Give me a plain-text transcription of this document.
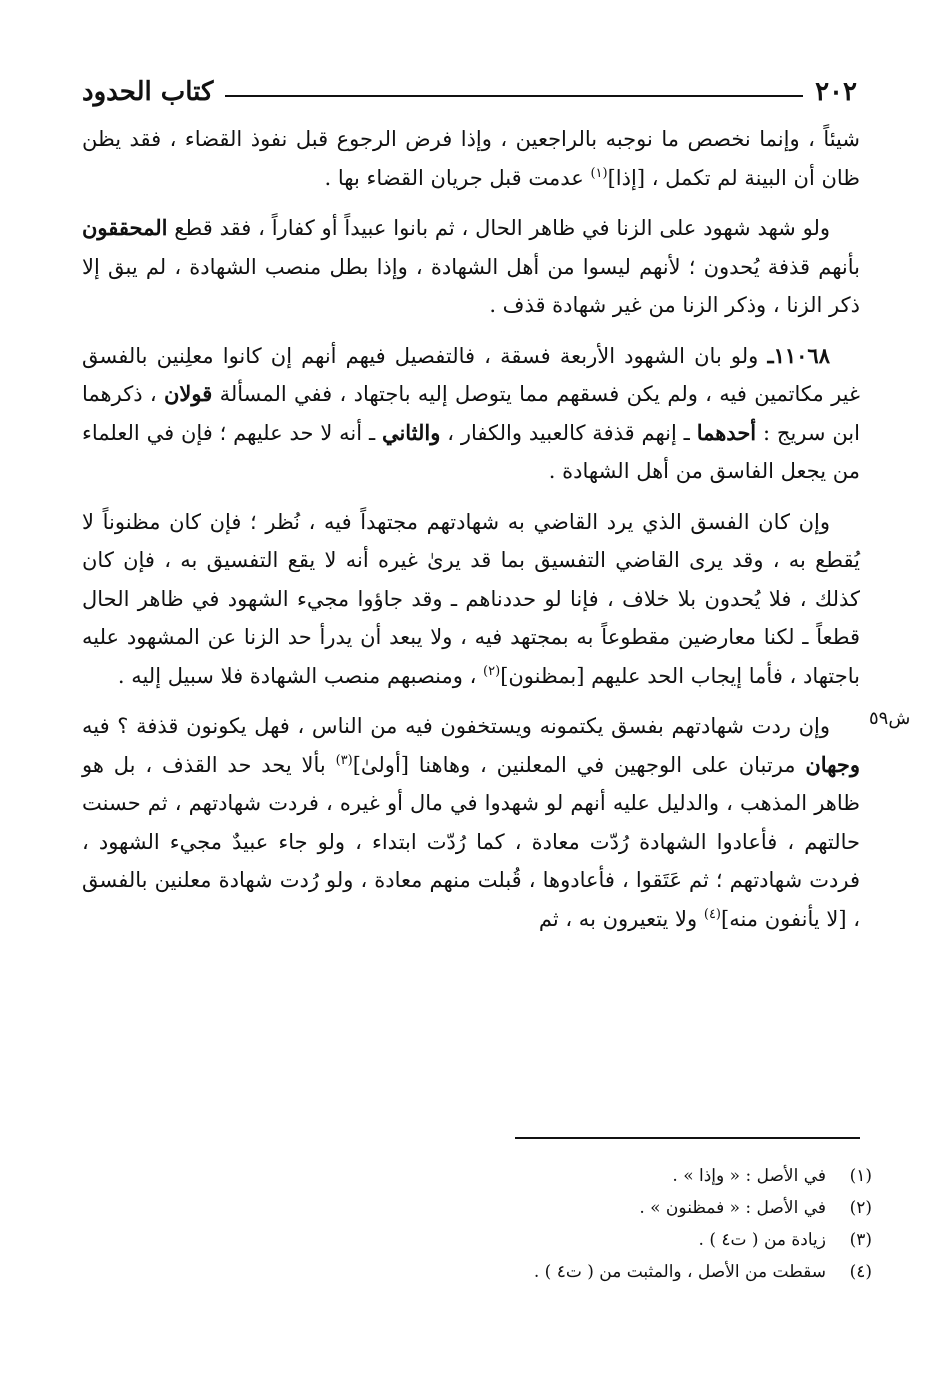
٢٠٢
كتاب الحدود
ش٥٩

شيئاً ، وإنما نخصص ما نوجبه بالراجعين ، وإذا فرض الرجوع قبل نفوذ القضاء ، فقد يظن ظان أن البينة لم تكمل ، [إذا]$^{(١)}$ عدمت قبل جريان القضاء بها .

ولو شهد شهود على الزنا في ظاهر الحال ، ثم بانوا عبيداً أو كفاراً ، فقد قطع المحققون بأنهم قذفة يُحدون ؛ لأنهم ليسوا من أهل الشهادة ، وإذا بطل منصب الشهادة ، لم يبق إلا ذكر الزنا ، وذكر الزنا من غير شهادة قذف .

١١٠٦٨ـ ولو بان الشهود الأربعة فسقة ، فالتفصيل فيهم أنهم إن كانوا معلِنين بالفسق غير مكاتمين فيه ، ولم يكن فسقهم مما يتوصل إليه باجتهاد ، ففي المسألة قولان ، ذكرهما ابن سريج : أحدهما ـ إنهم قذفة كالعبيد والكفار ، والثاني ـ أنه لا حد عليهم ؛ فإن في العلماء من يجعل الفاسق من أهل الشهادة .

وإن كان الفسق الذي يرد القاضي به شهادتهم مجتهداً فيه ، نُظر ؛ فإن كان مظنوناً لا يُقطع به ، وقد يرى القاضي التفسيق بما قد يرىٰ غيره أنه لا يقع التفسيق به ، فإن كان كذلك ، فلا يُحدون بلا خلاف ، فإنا لو حددناهم ـ وقد جاؤوا مجيء الشهود في ظاهر الحال قطعاً ـ لكنا معارضين مقطوعاً به بمجتهد فيه ، ولا يبعد أن يدرأ حد الزنا عن المشهود عليه باجتهاد ، فأما إيجاب الحد عليهم [بمظنون]$^{(٢)}$ ، ومنصبهم منصب الشهادة فلا سبيل إليه .

وإن ردت شهادتهم بفسق يكتمونه ويستخفون فيه من الناس ، فهل يكونون قذفة ؟ فيه وجهان مرتبان على الوجهين في المعلنين ، وهاهنا [أولىٰ]$^{(٣)}$ بألا يحد حد القذف ، بل هو ظاهر المذهب ، والدليل عليه أنهم لو شهدوا في مال أو غيره ، فردت شهادتهم ، ثم حسنت حالتهم ، فأعادوا الشهادة رُدّت معادة ، كما رُدّت ابتداء ، ولو جاء عبيدٌ مجيء الشهود ، فردت شهادتهم ؛ ثم عَتَقوا ، فأعادوها ، قُبلت منهم معادة ، ولو رُدت شهادة معلنين بالفسق ، [لا يأنفون منه]$^{(٤)}$ ولا يتعيرون به ، ثم

(١)
في الأصل : « وإذا » .
(٢)
في الأصل : « فمظنون » .
(٣)
زيادة من ( ت٤ ) .
(٤)
سقطت من الأصل ، والمثبت من ( ت٤ ) .
